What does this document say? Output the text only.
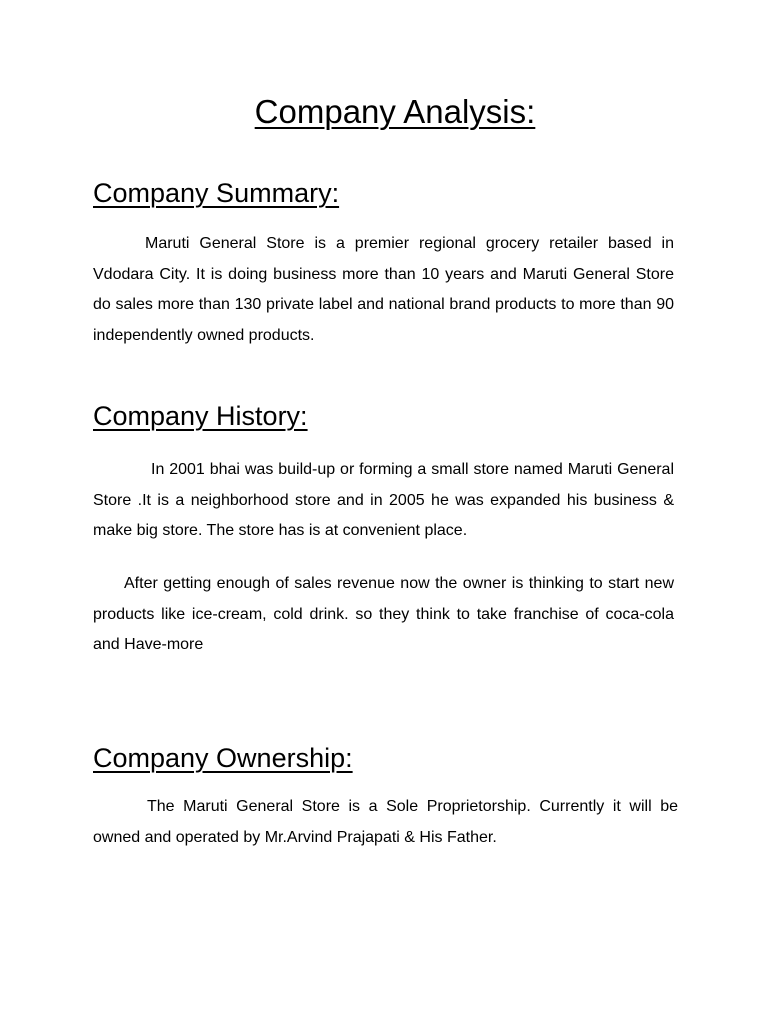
Company Analysis:
Company Summary:

Maruti General Store is a premier regional grocery retailer based in Vdodara City. It is doing business more than 10 years and Maruti General Store do sales more than 130 private label and national brand products to more than 90 independently owned products.

Company History:

In 2001 bhai was build-up or forming a small store named Maruti General Store .It is a neighborhood store and in 2005 he was expanded his business & make big store. The store has is at convenient place.

After getting enough of sales revenue now the owner is thinking to start new products like ice-cream, cold drink. so they think to take franchise of coca-cola and Have-more

Company Ownership:

The Maruti General Store is a Sole Proprietorship. Currently it will be owned and operated by Mr.Arvind Prajapati & His Father.
